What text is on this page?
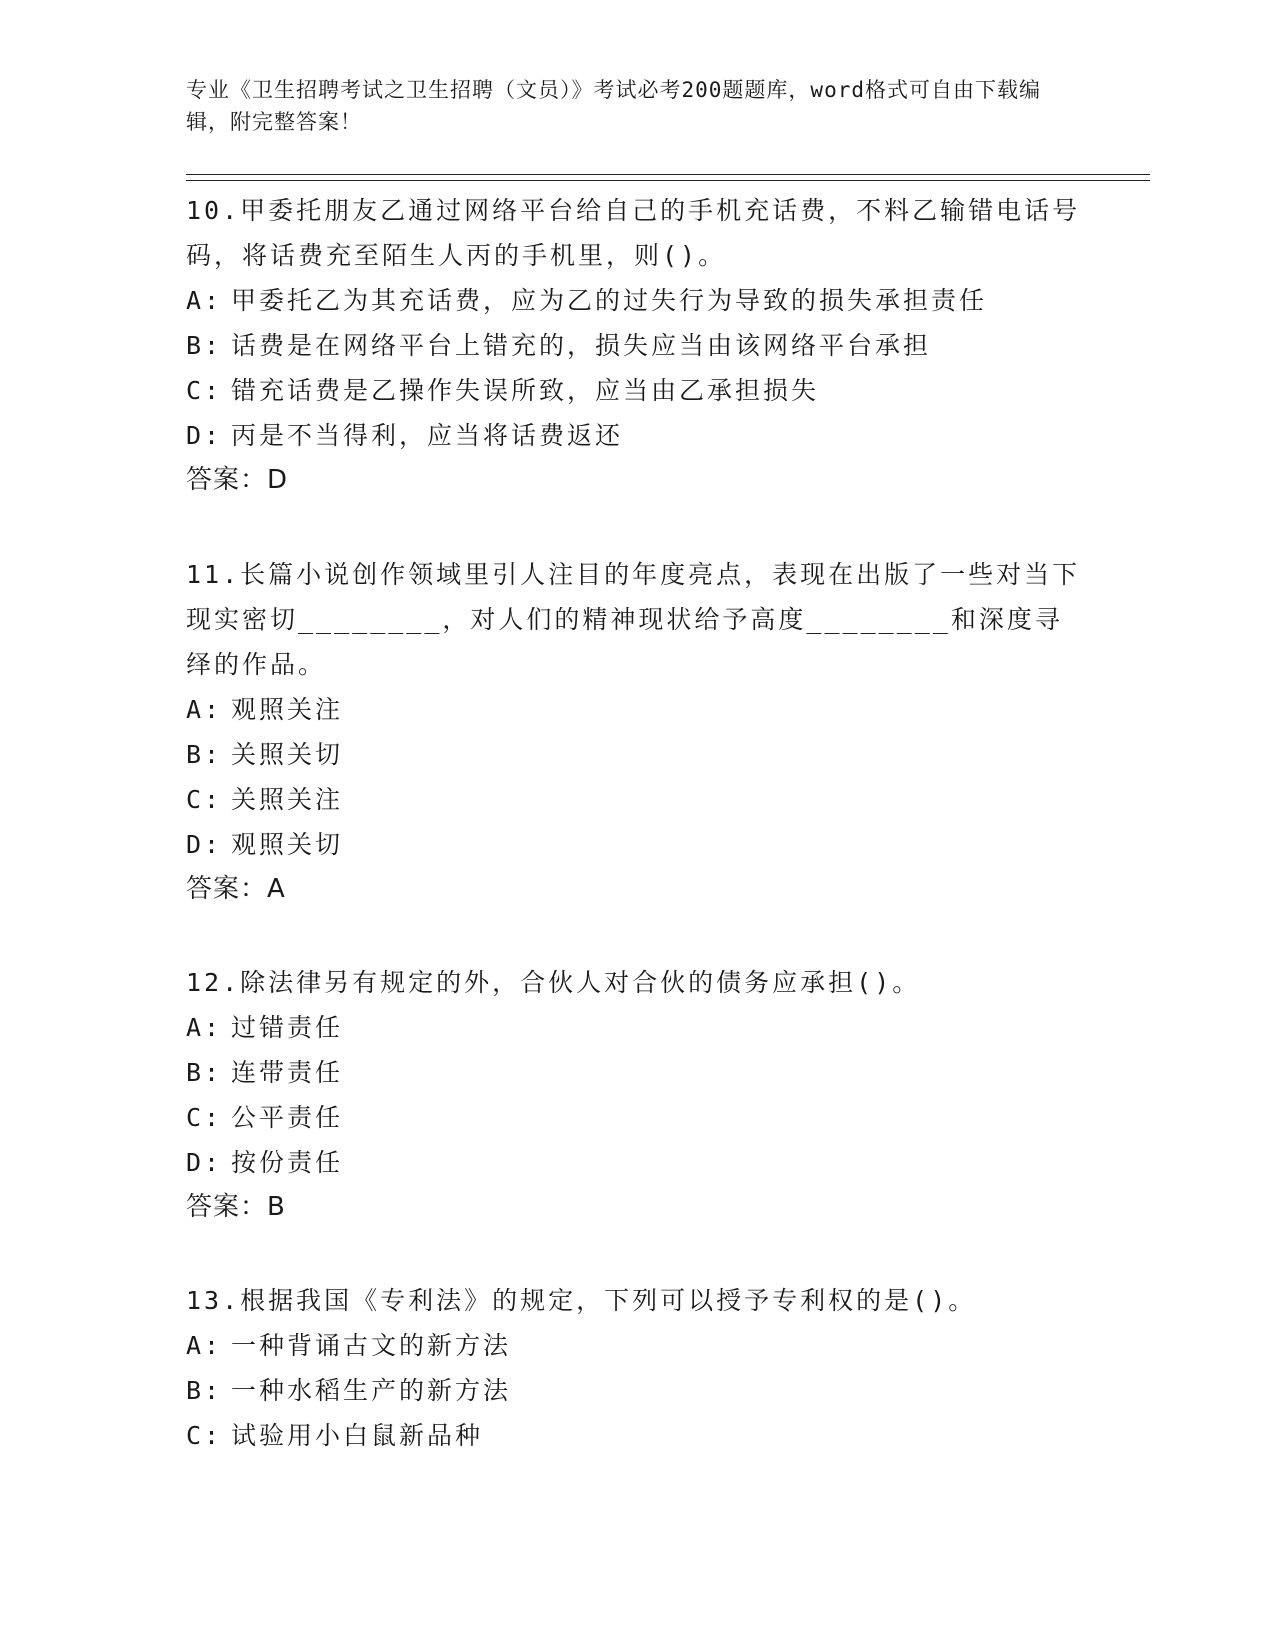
专业《卫生招聘考试之卫生招聘（文员）》考试必考200题题库，word格式可自由下载编辑，附完整答案！

10.甲委托朋友乙通过网络平台给自己的手机充话费，不料乙输错电话号码，将话费充至陌生人丙的手机里，则()。

A: 甲委托乙为其充话费，应为乙的过失行为导致的损失承担责任
B: 话费是在网络平台上错充的，损失应当由该网络平台承担
C: 错充话费是乙操作失误所致，应当由乙承担损失
D: 丙是不当得利，应当将话费返还

答案：D

11.长篇小说创作领域里引人注目的年度亮点，表现在出版了一些对当下现实密切________，对人们的精神现状给予高度________和深度寻绎的作品。

A: 观照关注
B: 关照关切
C: 关照关注
D: 观照关切

答案：A

12.除法律另有规定的外，合伙人对合伙的债务应承担()。

A: 过错责任
B: 连带责任
C: 公平责任
D: 按份责任

答案：B

13.根据我国《专利法》的规定，下列可以授予专利权的是()。

A: 一种背诵古文的新方法
B: 一种水稻生产的新方法
C: 试验用小白鼠新品种
